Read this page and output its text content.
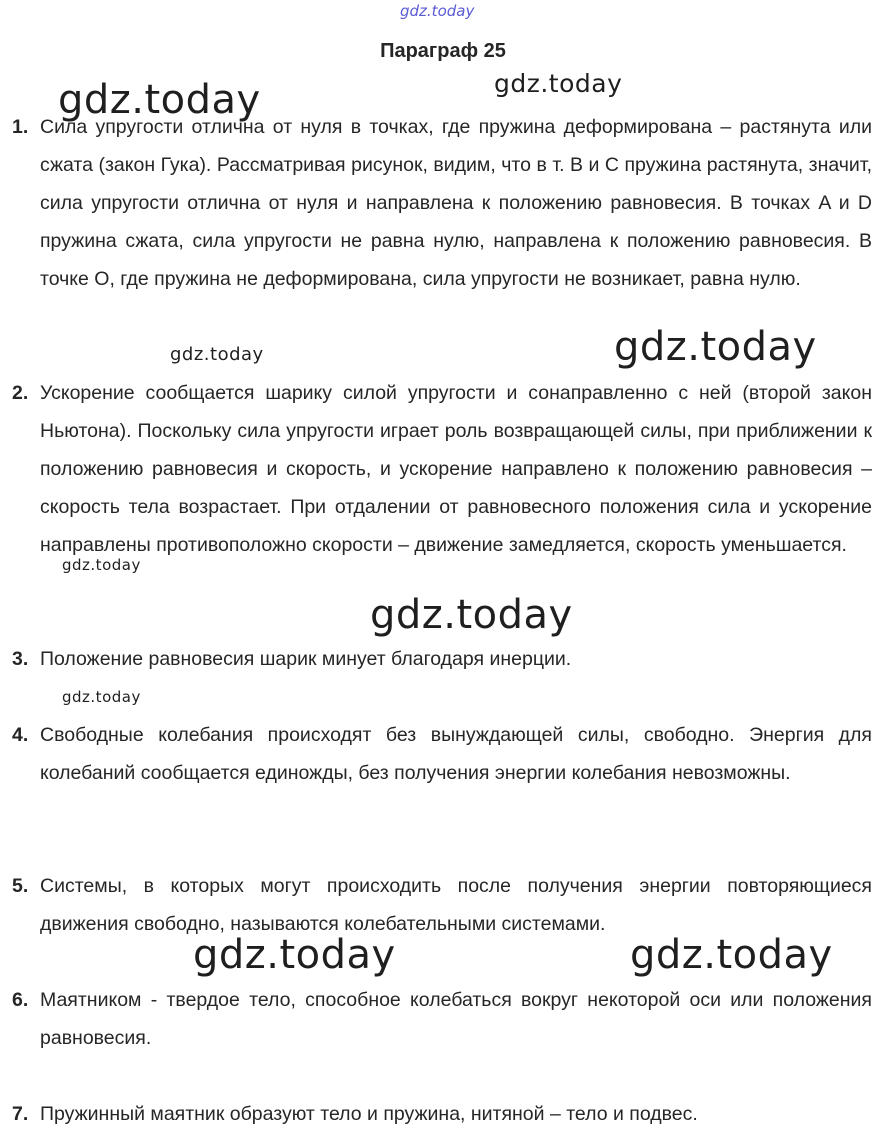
gdz.today
gdz.today	gdz.today
gdz.today	gdz.today
gdz.today
gdz.today
gdz.today
gdz.today	gdz.today
Параграф 25
1. Сила упругости отлична от нуля в точках, где пружина деформирована – растянута или сжата (закон Гука). Рассматривая рисунок, видим, что в т. B и C пружина растянута, значит, сила упругости отлична от нуля и направлена к положению равновесия. В точках A и D пружина сжата, сила упругости не равна нулю, направлена к положению равновесия. В точке O, где пружина не деформирована, сила упругости не возникает, равна нулю.
2. Ускорение сообщается шарику силой упругости и сонаправленно с ней (второй закон Ньютона). Поскольку сила упругости играет роль возвращающей силы, при приближении к положению равновесия и скорость, и ускорение направлено к положению равновесия – скорость тела возрастает. При отдалении от равновесного положения сила и ускорение направлены противоположно скорости – движение замедляется, скорость уменьшается.
3. Положение равновесия шарик минует благодаря инерции.
4. Свободные колебания происходят без вынуждающей силы, свободно. Энергия для колебаний сообщается единожды, без получения энергии колебания невозможны.
5. Системы, в которых могут происходить после получения энергии повторяющиеся движения свободно, называются колебательными системами.
6. Маятником - твердое тело, способное колебаться вокруг некоторой оси или положения равновесия.
7. Пружинный маятник образуют тело и пружина, нитяной – тело и подвес.
